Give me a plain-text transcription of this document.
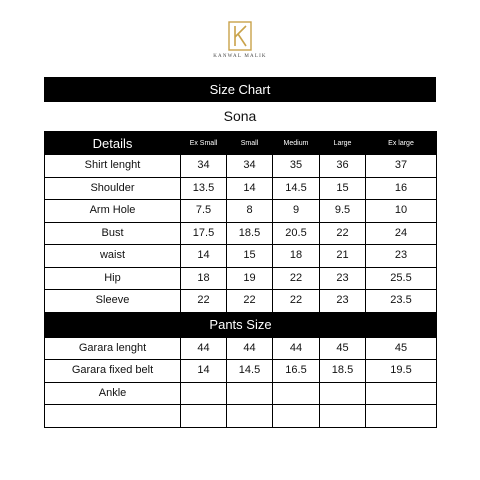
KANWAL MALIK
Size Chart
Sona
Details	Ex Small	Small	Medium	Large	Ex large
Shirt lenght	34	34	35	36	37
Shoulder	13.5	14	14.5	15	16
Arm Hole	7.5	8	9	9.5	10
Bust	17.5	18.5	20.5	22	24
waist	14	15	18	21	23
Hip	18	19	22	23	25.5
Sleeve	22	22	22	23	23.5
Pants Size					
Garara lenght	44	44	44	45	45
Garara fixed belt	14	14.5	16.5	18.5	19.5
Ankle					
